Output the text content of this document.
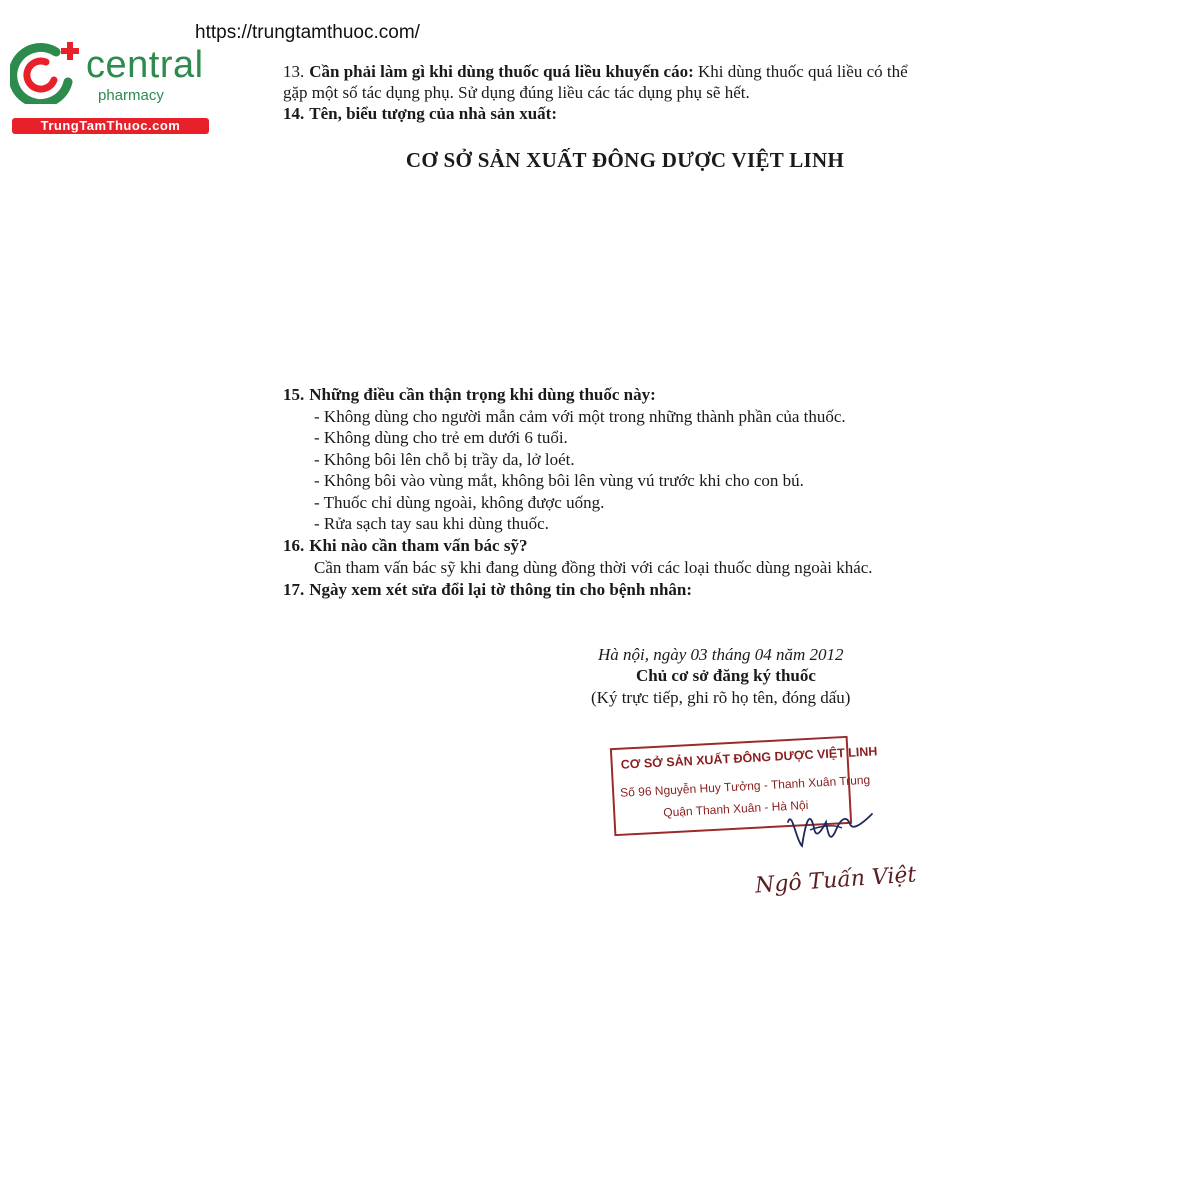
https://trungtamthuoc.com/
central
pharmacy
TrungTamThuoc.com
13. Cần phải làm gì khi dùng thuốc quá liều khuyến cáo: Khi dùng thuốc quá liều có thể
gặp một số tác dụng phụ. Sử dụng đúng liều các tác dụng phụ sẽ hết.
14. Tên, biểu tượng của nhà sản xuất:
CƠ SỞ SẢN XUẤT ĐÔNG DƯỢC VIỆT LINH
15. Những điều cần thận trọng khi dùng thuốc này:
- Không dùng cho người mẫn cảm với một trong những thành phần của thuốc.
- Không dùng cho trẻ em dưới 6 tuổi.
- Không bôi lên chỗ bị trầy da, lở loét.
- Không bôi vào vùng mắt, không bôi lên vùng vú trước khi cho con bú.
- Thuốc chỉ dùng ngoài, không được uống.
- Rửa sạch tay sau khi dùng thuốc.
16. Khi nào cần tham vấn bác sỹ?
Cần tham vấn bác sỹ khi đang dùng đồng thời với các loại thuốc dùng ngoài khác.
17. Ngày xem xét sửa đổi lại tờ thông tin cho bệnh nhân:
Hà nội, ngày 03 tháng 04 năm 2012
Chủ cơ sở đăng ký thuốc
(Ký trực tiếp, ghi rõ họ tên, đóng dấu)
CƠ SỞ SẢN XUẤT ĐÔNG DƯỢC VIỆT LINH
Số 96 Nguyễn Huy Tưởng - Thanh Xuân Trung
Quận Thanh Xuân - Hà Nội
Ngô Tuấn Việt
